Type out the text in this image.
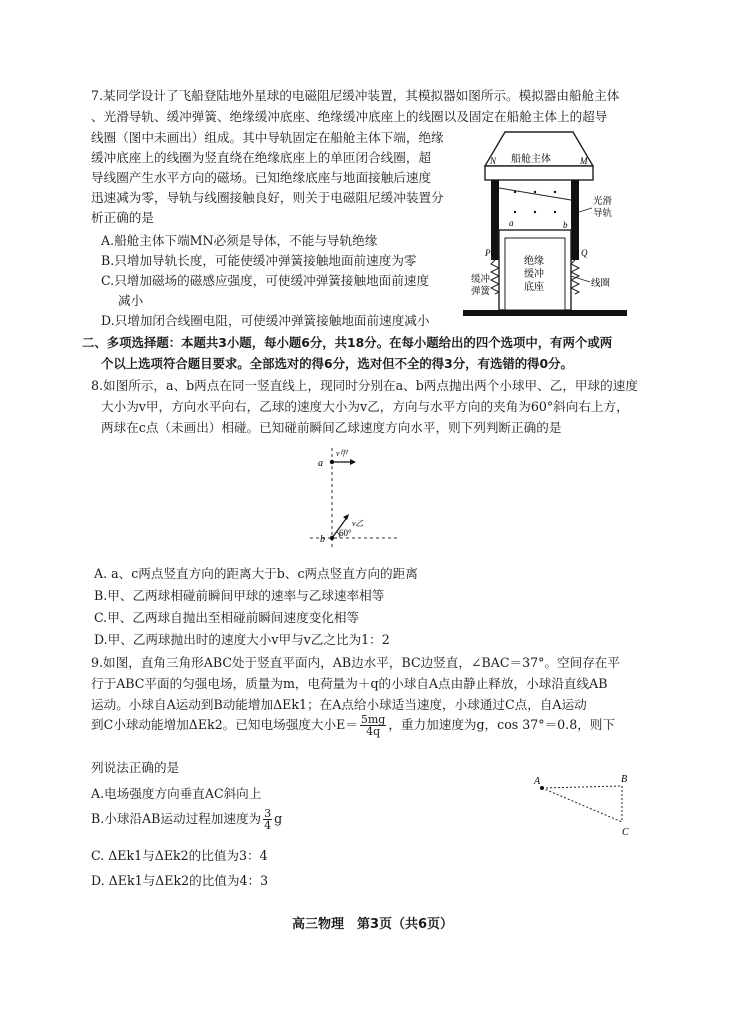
7.某同学设计了飞船登陆地外星球的电磁阻尼缓冲装置，其模拟器如图所示。模拟器由船舱主体
、光滑导轨、缓冲弹簧、绝缘缓冲底座、绝缘缓冲底座上的线圈以及固定在船舱主体上的超导
线圈（图中未画出）组成。其中导轨固定在船舱主体下端，绝缘
缓冲底座上的线圈为竖直绕在绝缘底座上的单匝闭合线圈，超
导线圈产生水平方向的磁场。已知绝缘底座与地面接触后速度
迅速减为零，导轨与线圈接触良好，则关于电磁阻尼缓冲装置分
析正确的是
A.船舱主体下端MN必须是导体，不能与导轨绝缘
B.只增加导轨长度，可能使缓冲弹簧接触地面前速度为零
C.只增加磁场的磁感应强度，可使缓冲弹簧接触地面前速度
减小
D.只增加闭合线圈电阻，可使缓冲弹簧接触地面前速度减小
船舱主体
N	M
a	b
光滑
导轨
绝缘
缓冲
底座
P	Q
缓冲
弹簧
线圈
二、多项选择题：本题共3小题，每小题6分，共18分。在每小题给出的四个选项中，有两个或两
个以上选项符合题目要求。全部选对的得6分，选对但不全的得3分，有选错的得0分。
8.如图所示，a、b两点在同一竖直线上，现同时分别在a、b两点抛出两个小球甲、乙，甲球的速度
大小为v甲，方向水平向右，乙球的速度大小为v乙，方向与水平方向的夹角为60°斜向右上方，
两球在c点（未画出）相碰。已知碰前瞬间乙球速度方向水平，则下列判断正确的是
a
b
v甲
v乙
60°
A. a、c两点竖直方向的距离大于b、c两点竖直方向的距离
B.甲、乙两球相碰前瞬间甲球的速率与乙球速率相等
C.甲、乙两球自抛出至相碰前瞬间速度变化相等
D.甲、乙两球抛出时的速度大小v甲与v乙之比为1：2
9.如图，直角三角形ABC处于竖直平面内，AB边水平，BC边竖直，∠BAC＝37°。空间存在平
行于ABC平面的匀强电场，质量为m，电荷量为＋q的小球自A点由静止释放，小球沿直线AB
运动。小球自A运动到B动能增加ΔEk1；在A点给小球适当速度，小球通过C点，自A运动
到C小球动能增加ΔEk2。已知电场强度大小$E= \frac{5mg}{4q}$ ，重力加速度为g，cos 37°＝0.8，则下
列说法正确的是
A.电场强度方向垂直AC斜向上
B.小球沿AB运动过程加速度为 $\frac{3}{4}$ g
C. ΔEk1与ΔEk2的比值为3：4
D. ΔEk1与ΔEk2的比值为4：3
A	B
C
高三物理　第3页（共6页）
